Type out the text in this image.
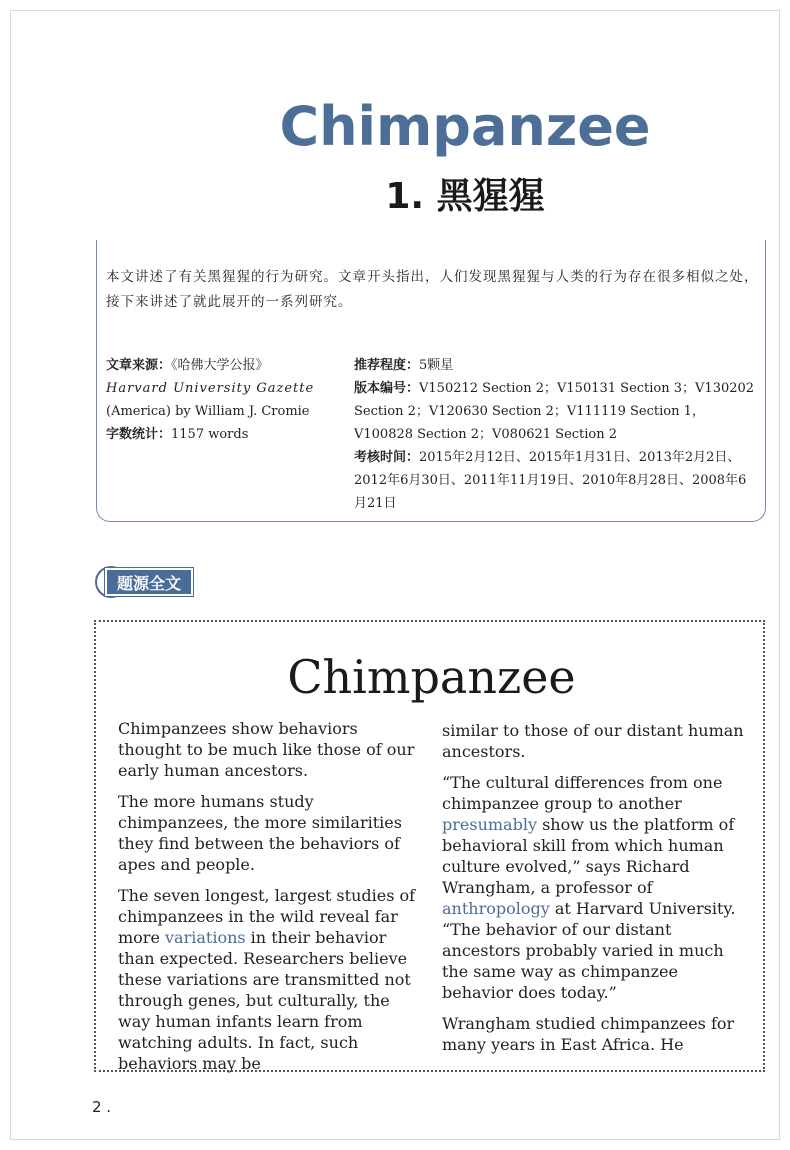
Chimpanzee
1. 黑猩猩
本文讲述了有关黑猩猩的行为研究。文章开头指出，人们发现黑猩猩与人类的行为存在很多相似之处，接下来讲述了就此展开的一系列研究。
文章来源：《哈佛大学公报》
Harvard University Gazette
(America) by William J. Cromie
字数统计：1157 words
推荐程度：5颗星
版本编号：V150212 Section 2；V150131 Section 3；V130202 Section 2；V120630 Section 2；V111119 Section 1，V100828 Section 2；V080621 Section 2
考核时间：2015年2月12日、2015年1月31日、2013年2月2日、2012年6月30日、2011年11月19日、2010年8月28日、2008年6月21日
题源全文
Chimpanzee

Chimpanzees show behaviors thought to be much like those of our early human ancestors.

The more humans study chimpanzees, the more similarities they find between the behaviors of apes and people.

The seven longest, largest studies of chimpanzees in the wild reveal far more variations in their behavior than expected. Researchers believe these variations are transmitted not through genes, but culturally, the way human infants learn from watching adults. In fact, such behaviors may be

similar to those of our distant human ancestors.

“The cultural differences from one chimpanzee group to another presumably show us the platform of behavioral skill from which human culture evolved,” says Richard Wrangham, a professor of anthropology at Harvard University. “The behavior of our distant ancestors probably varied in much the same way as chimpanzee behavior does today.”

Wrangham studied chimpanzees for many years in East Africa. He

2 .
